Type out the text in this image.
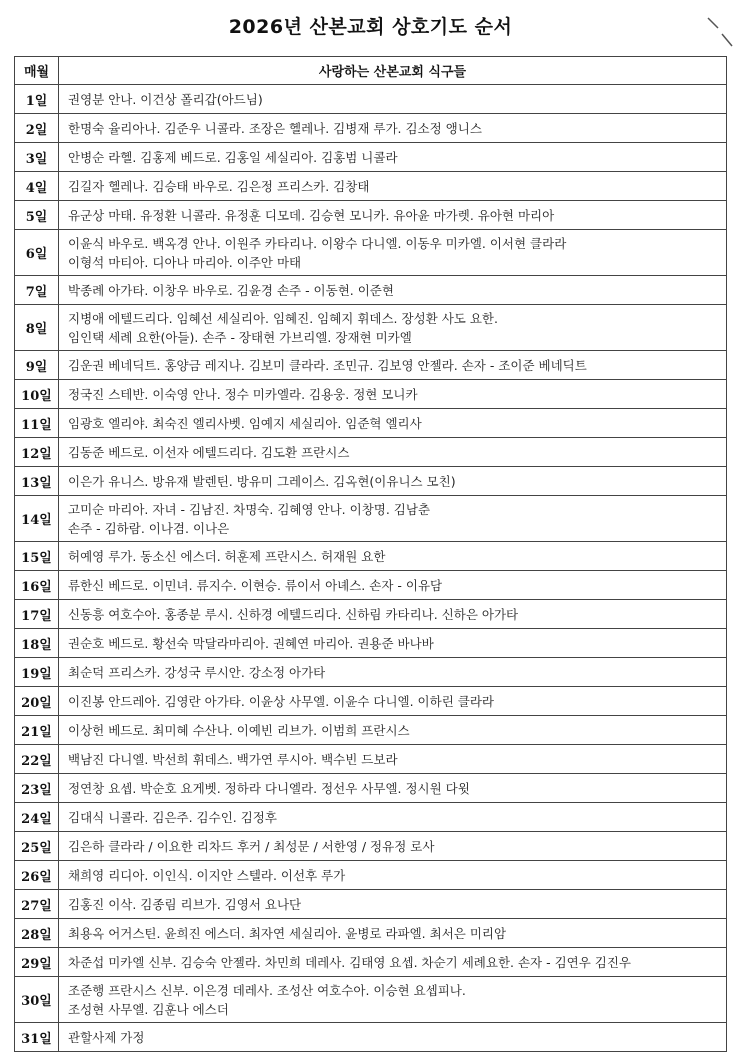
2026년 산본교회 상호기도 순서
매월	사랑하는 산본교회 식구들
1일	권영분 안나. 이건상 폴리갑(아드님)

2일	한명숙 율리아나. 김준우 니콜라. 조장은 헬레나. 김병재 루가. 김소정 앵니스

3일	안병순 라헬. 김홍제 베드로. 김홍일 세실리아. 김홍범 니콜라

4일	김길자 헬레나. 김승태 바우로. 김은정 프리스카. 김창태

5일	유군상 마태. 유정환 니콜라. 유정훈 디모데. 김승현 모니카. 유아윤 마가렛. 유아현 마리아

6일	이윤식 바우로. 백옥경 안나. 이원주 카타리나. 이왕수 다니엘. 이동우 미카엘. 이서현 클라라
이형석 마티아. 디아나 마리아. 이주안 마태

7일	박종례 아가타. 이창우 바우로. 김윤경 손주 - 이동현. 이준현

8일	지병애 에텔드리다. 임혜선 세실리아. 임혜진. 임혜지 휘데스. 장성환 사도 요한.
임인택 세례 요한(아들). 손주 - 장태현 가브리엘. 장재현 미카엘

9일	김운권 베네딕트. 홍양금 레지나. 김보미 클라라. 조민규. 김보영 안젤라. 손자 - 조이준 베네딕트

10일	정국진 스테반. 이숙영 안나. 정수 미카엘라. 김용웅. 정현 모니카

11일	임광호 엘리야. 최숙진 엘리사벳. 임예지 세실리아. 임준혁 엘리사

12일	김동준 베드로. 이선자 에텔드리다. 김도환 프란시스

13일	이은가 유니스. 방유재 발렌틴. 방유미 그레이스. 김옥현(이유니스 모친)

14일	고미순 마리아. 자녀 - 김남진. 차명숙. 김혜영 안나. 이창명. 김남춘
손주 - 김하람. 이나겸. 이나은

15일	허예영 루가. 동소신 에스더. 허훈제 프란시스. 허재원 요한

16일	류한신 베드로. 이민녀. 류지수. 이현승. 류이서 아녜스. 손자 - 이유담

17일	신동흥 여호수아. 홍종분 루시. 신하경 에텔드리다. 신하림 카타리나. 신하은 아가타

18일	권순호 베드로. 황선숙 막달라마리아. 권혜연 마리아. 권용준 바나바

19일	최순덕 프리스카. 강성국 루시안. 강소정 아가타

20일	이진봉 안드레아. 김영란 아가타. 이윤상 사무엘. 이윤수 다니엘. 이하린 클라라

21일	이상헌 베드로. 최미혜 수산나. 이예빈 리브가. 이범희 프란시스

22일	백남진 다니엘. 박선희 휘데스. 백가연 루시아. 백수빈 드보라

23일	정연창 요셉. 박순호 요게벳. 정하라 다니엘라. 정선우 사무엘. 정시원 다윗

24일	김대식 니콜라. 김은주. 김수인. 김정후

25일	김은하 클라라 / 이요한 리차드 후커 / 최성문 / 서한영 / 정유정 로사

26일	채희영 리디아. 이인식. 이지안 스텔라. 이선후 루가

27일	김홍진 이삭. 김종림 리브가. 김영서 요나단

28일	최용옥 어거스틴. 윤희진 에스더. 최자연 세실리아. 윤병로 라파엘. 최서은 미리암

29일	차준섭 미카엘 신부. 김승숙 안젤라. 차민희 데레사. 김태영 요셉. 차순기 세례요한. 손자 - 김연우 김진우

30일	조준행 프란시스 신부. 이은경 데레사. 조성산 여호수아. 이승현 요셉피나.
조성현 사무엘. 김훈나 에스더

31일	관할사제 가정
